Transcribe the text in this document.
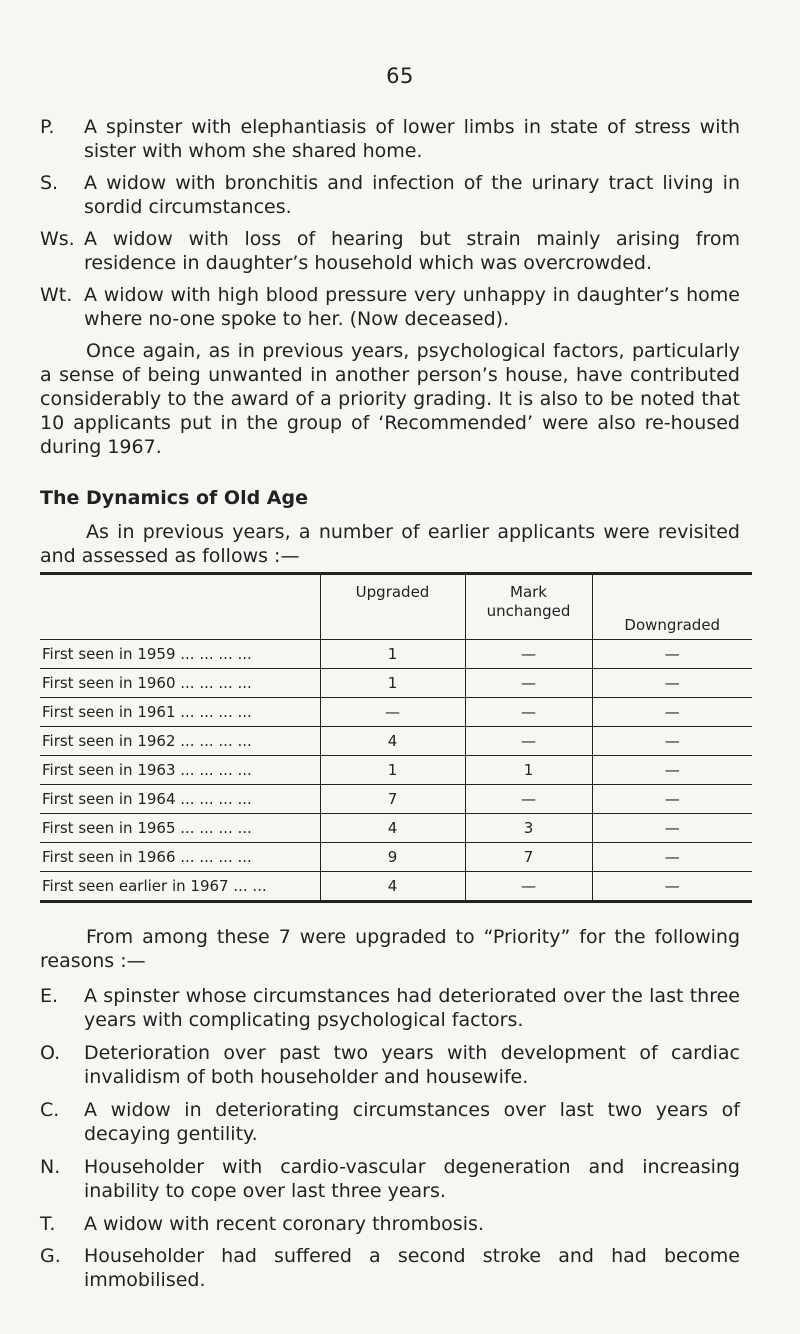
65
P.	A spinster with elephantiasis of lower limbs in state of stress with sister with whom she shared home.
S.	A widow with bronchitis and infection of the urinary tract living in sordid circumstances.
Ws. A widow with loss of hearing but strain mainly arising from residence in daughter’s household which was overcrowded.
Wt. A widow with high blood pressure very unhappy in daughter’s home where no-one spoke to her. (Now deceased).
Once again, as in previous years, psychological factors, particularly a sense of being unwanted in another person’s house, have contributed considerably to the award of a priority grading. It is also to be noted that 10 applicants put in the group of ‘Recommended’ were also re-housed during 1967.
The Dynamics of Old Age
As in previous years, a number of earlier applicants were revisited and assessed as follows :—
	Upgraded	Mark unchanged	Downgraded
First seen in 1959 ... ... ... ...	1	—	—
First seen in 1960 ... ... ... ...	1	—	—
First seen in 1961 ... ... ... ...	—	—	—
First seen in 1962 ... ... ... ...	4	—	—
First seen in 1963 ... ... ... ...	1	1	—
First seen in 1964 ... ... ... ...	7	—	—
First seen in 1965 ... ... ... ...	4	3	—
First seen in 1966 ... ... ... ...	9	7	—
First seen earlier in 1967 ... ...	4	—	—
From among these 7 were upgraded to “Priority” for the following reasons :—
E.	A spinster whose circumstances had deteriorated over the last three years with complicating psychological factors.
O.	Deterioration over past two years with development of cardiac invalidism of both householder and housewife.
C.	A widow in deteriorating circumstances over last two years of decaying gentility.
N.	Householder with cardio-vascular degeneration and increasing inability to cope over last three years.
T.	A widow with recent coronary thrombosis.
G.	Householder had suffered a second stroke and had become immobilised.
